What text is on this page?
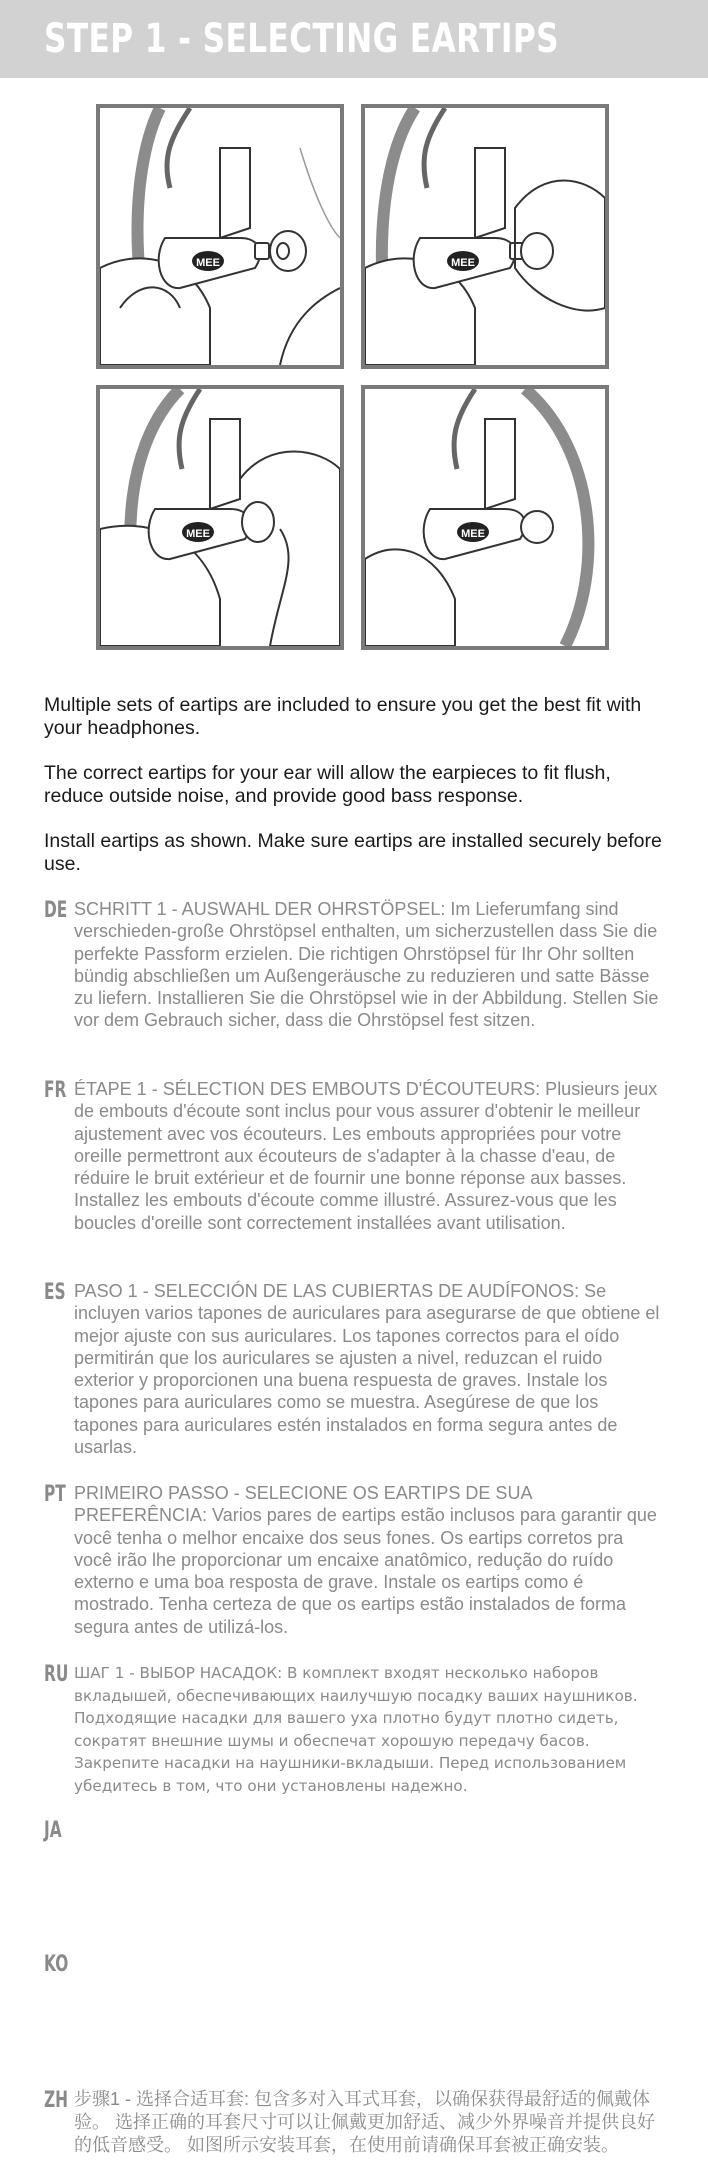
STEP 1 - SELECTING EARTIPS
MEE	MEE
MEE	MEE
Multiple sets of eartips are included to ensure you get the best fit with your headphones.
The correct eartips for your ear will allow the earpieces to fit flush, reduce outside noise, and provide good bass response.
Install eartips as shown. Make sure eartips are installed securely before use.
DE SCHRITT 1 - AUSWAHL DER OHRSTÖPSEL: Im Lieferumfang sind verschieden-große Ohrstöpsel enthalten, um sicherzustellen dass Sie die perfekte Passform erzielen. Die richtigen Ohrstöpsel für Ihr Ohr sollten bündig abschließen um Außengeräusche zu reduzieren und satte Bässe zu liefern. Installieren Sie die Ohrstöpsel wie in der Abbildung. Stellen Sie vor dem Gebrauch sicher, dass die Ohrstöpsel fest sitzen.
FR ÉTAPE 1 - SÉLECTION DES EMBOUTS D'ÉCOUTEURS: Plusieurs jeux de embouts d'écoute sont inclus pour vous assurer d'obtenir le meilleur ajustement avec vos écouteurs. Les embouts appropriées pour votre oreille permettront aux écouteurs de s'adapter à la chasse d'eau, de réduire le bruit extérieur et de fournir une bonne réponse aux basses. Installez les embouts d'écoute comme illustré. Assurez-vous que les boucles d'oreille sont correctement installées avant utilisation.
ES PASO 1 - SELECCIÓN DE LAS CUBIERTAS DE AUDÍFONOS: Se incluyen varios tapones de auriculares para asegurarse de que obtiene el mejor ajuste con sus auriculares. Los tapones correctos para el oído permitirán que los auriculares se ajusten a nivel, reduzcan el ruido exterior y proporcionen una buena respuesta de graves. Instale los tapones para auriculares como se muestra. Asegúrese de que los tapones para auriculares estén instalados en forma segura antes de usarlas.
PT PRIMEIRO PASSO - SELECIONE OS EARTIPS DE SUA PREFERÊNCIA: Varios pares de eartips estão inclusos para garantir que você tenha o melhor encaixe dos seus fones. Os eartips corretos pra você irão lhe proporcionar um encaixe anatômico, redução do ruído externo e uma boa resposta de grave. Instale os eartips como é mostrado. Tenha certeza de que os eartips estão instalados de forma segura antes de utilizá-los.
RU ШАГ 1 - ВЫБОР НАСАДОК: В комплект входят несколько наборов вкладышей, обеспечивающих наилучшую посадку ваших наушников. Подходящие насадки для вашего уха плотно будут плотно сидеть, сократят внешние шумы и обеспечат хорошую передачу басов. Закрепите насадки на наушники-вкладыши. Перед использованием убедитесь в том, что они установлены надежно.
JA
KO
ZH 步骤1 - 选择合适耳套: 包含多对入耳式耳套，以确保获得最舒适的佩戴体验。 选择正确的耳套尺寸可以让佩戴更加舒适、减少外界噪音并提供良好的低音感受。 如图所示安装耳套，在使用前请确保耳套被正确安装。
